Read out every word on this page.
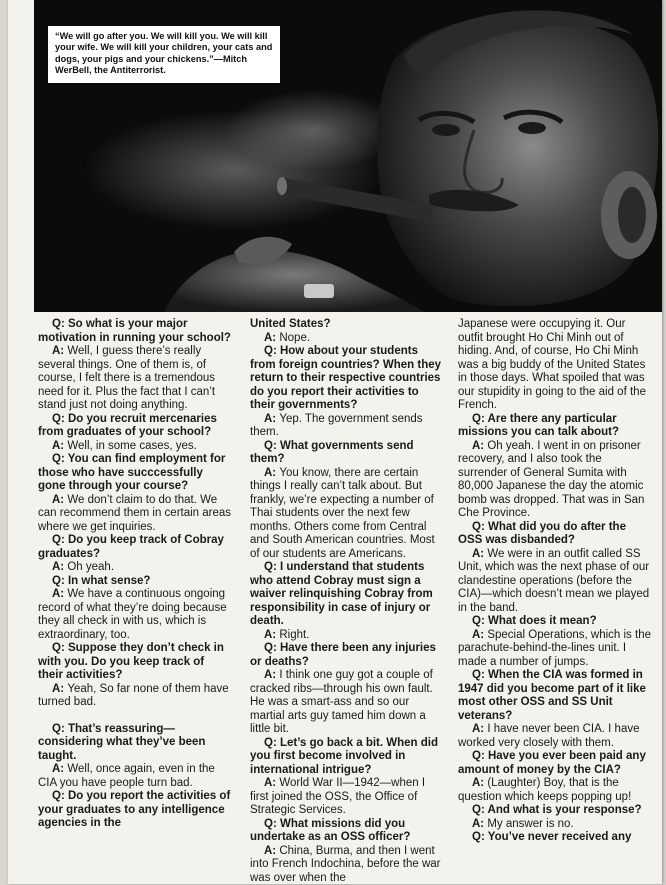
“We will go after you. We will kill you. We will kill your wife. We will kill your children, your cats and dogs, your pigs and your chickens.”—Mitch WerBell, the Antiterrorist.

Q: So what is your major motivation in running your school?

A: Well, I guess there’s really several things. One of them is, of course, I felt there is a tremendous need for it. Plus the fact that I can’t stand just not doing anything.

Q: Do you recruit mercenaries from graduates of your school?

A: Well, in some cases, yes.

Q: You can find employment for those who have succcessfully gone through your course?

A: We don’t claim to do that. We can recommend them in certain areas where we get inquiries.

Q: Do you keep track of Cobray graduates?

A: Oh yeah.

Q: In what sense?

A: We have a continuous ongoing record of what they’re doing because they all check in with us, which is extraordinary, too.

Q: Suppose they don’t check in with you. Do you keep track of their activities?

A: Yeah, So far none of them have turned bad.

Q: That’s reassuring—considering what they’ve been taught.

A: Well, once again, even in the CIA you have people turn bad.

Q: Do you report the activities of your graduates to any intelligence agencies in the

United States?

A: Nope.

Q: How about your students from foreign countries? When they return to their respective countries do you report their activities to their governments?

A: Yep. The government sends them.

Q: What governments send them?

A: You know, there are certain things I really can’t talk about. But frankly, we’re expecting a number of Thai students over the next few months. Others come from Central and South American countries. Most of our students are Americans.

Q: I understand that students who attend Cobray must sign a waiver relinquishing Cobray from responsibility in case of injury or death.

A: Right.

Q: Have there been any injuries or deaths?

A: I think one guy got a couple of cracked ribs—through his own fault. He was a smart-ass and so our martial arts guy tamed him down a little bit.

Q: Let’s go back a bit. When did you first become involved in international intrigue?

A: World War II—1942—when I first joined the OSS, the Office of Strategic Services.

Q: What missions did you undertake as an OSS officer?

A: China, Burma, and then I went into French Indochina, before the war was over when the

Japanese were occupying it. Our outfit brought Ho Chi Minh out of hiding. And, of course, Ho Chi Minh was a big buddy of the United States in those days. What spoiled that was our stupidity in going to the aid of the French.

Q: Are there any particular missions you can talk about?

A: Oh yeah. I went in on prisoner recovery, and I also took the surrender of General Sumita with 80,000 Japanese the day the atomic bomb was dropped. That was in San Che Province.

Q: What did you do after the OSS was disbanded?

A: We were in an outfit called SS Unit, which was the next phase of our clandestine operations (before the CIA)—which doesn’t mean we played in the band.

Q: What does it mean?

A: Special Operations, which is the parachute-behind-the-lines unit. I made a number of jumps.

Q: When the CIA was formed in 1947 did you become part of it like most other OSS and SS Unit veterans?

A: I have never been CIA. I have worked very closely with them.

Q: Have you ever been paid any amount of money by the CIA?

A: (Laughter) Boy, that is the question which keeps popping up!

Q: And what is your response?

A: My answer is no.

Q: You’ve never received any
